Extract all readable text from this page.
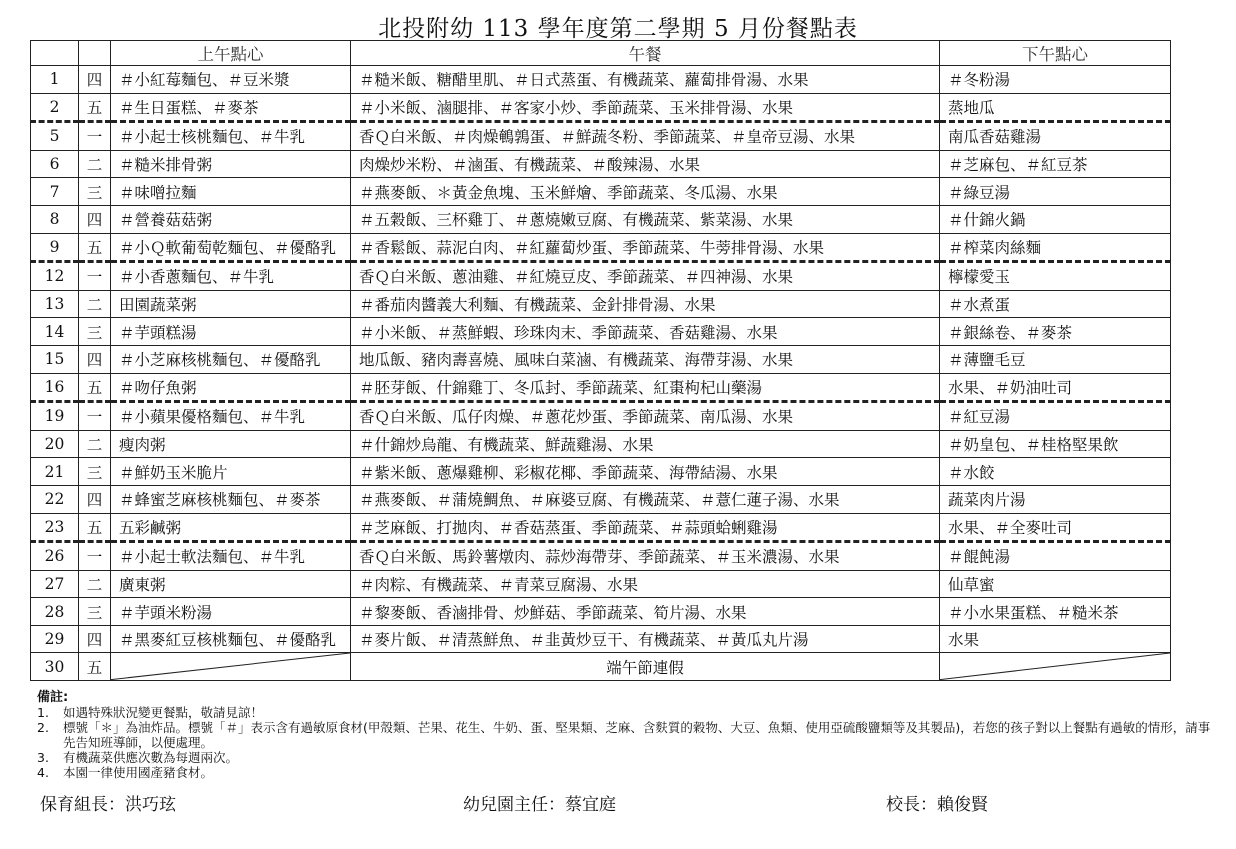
北投附幼 113 學年度第二學期 5 月份餐點表
		上午點心	午餐	下午點心
1	四	＃小紅莓麵包、＃豆米漿	＃糙米飯、糖醋里肌、＃日式蒸蛋、有機蔬菜、蘿蔔排骨湯、水果	＃冬粉湯
2	五	＃生日蛋糕、＃麥茶	＃小米飯、滷腿排、＃客家小炒、季節蔬菜、玉米排骨湯、水果	蒸地瓜
5	一	＃小起士核桃麵包、＃牛乳	香Ｑ白米飯、＃肉燥鵪鶉蛋、＃鮮蔬冬粉、季節蔬菜、＃皇帝豆湯、水果	南瓜香菇雞湯
6	二	＃糙米排骨粥	肉燥炒米粉、＃滷蛋、有機蔬菜、＃酸辣湯、水果	＃芝麻包、＃紅豆茶
7	三	＃味噌拉麵	＃燕麥飯、＊黃金魚塊、玉米鮮燴、季節蔬菜、冬瓜湯、水果	＃綠豆湯
8	四	＃營養菇菇粥	＃五穀飯、三杯雞丁、＃蔥燒嫩豆腐、有機蔬菜、紫菜湯、水果	＃什錦火鍋
9	五	＃小Ｑ軟葡萄乾麵包、＃優酪乳	＃香鬆飯、蒜泥白肉、＃紅蘿蔔炒蛋、季節蔬菜、牛蒡排骨湯、水果	＃榨菜肉絲麵
12	一	＃小香蔥麵包、＃牛乳	香Ｑ白米飯、蔥油雞、＃紅燒豆皮、季節蔬菜、＃四神湯、水果	檸檬愛玉
13	二	田園蔬菜粥	＃番茄肉醬義大利麵、有機蔬菜、金針排骨湯、水果	＃水煮蛋
14	三	＃芋頭糕湯	＃小米飯、＃蒸鮮蝦、珍珠肉末、季節蔬菜、香菇雞湯、水果	＃銀絲卷、＃麥茶
15	四	＃小芝麻核桃麵包、＃優酪乳	地瓜飯、豬肉壽喜燒、風味白菜滷、有機蔬菜、海帶芽湯、水果	＃薄鹽毛豆
16	五	＃吻仔魚粥	＃胚芽飯、什錦雞丁、冬瓜封、季節蔬菜、紅棗枸杞山藥湯	水果、＃奶油吐司
19	一	＃小蘋果優格麵包、＃牛乳	香Ｑ白米飯、瓜仔肉燥、＃蔥花炒蛋、季節蔬菜、南瓜湯、水果	＃紅豆湯
20	二	瘦肉粥	＃什錦炒烏龍、有機蔬菜、鮮蔬雞湯、水果	＃奶皇包、＃桂格堅果飲
21	三	＃鮮奶玉米脆片	＃紫米飯、蔥爆雞柳、彩椒花椰、季節蔬菜、海帶結湯、水果	＃水餃
22	四	＃蜂蜜芝麻核桃麵包、＃麥茶	＃燕麥飯、＃蒲燒鯛魚、＃麻婆豆腐、有機蔬菜、＃薏仁蓮子湯、水果	蔬菜肉片湯
23	五	五彩鹹粥	＃芝麻飯、打拋肉、＃香菇蒸蛋、季節蔬菜、＃蒜頭蛤蜊雞湯	水果、＃全麥吐司
26	一	＃小起士軟法麵包、＃牛乳	香Ｑ白米飯、馬鈴薯燉肉、蒜炒海帶芽、季節蔬菜、＃玉米濃湯、水果	＃餛飩湯
27	二	廣東粥	＃肉粽、有機蔬菜、＃青菜豆腐湯、水果	仙草蜜
28	三	＃芋頭米粉湯	＃黎麥飯、香滷排骨、炒鮮菇、季節蔬菜、筍片湯、水果	＃小水果蛋糕、＃糙米茶
29	四	＃黑麥紅豆核桃麵包、＃優酪乳	＃麥片飯、＃清蒸鮮魚、＃韭黃炒豆干、有機蔬菜、＃黃瓜丸片湯	水果
30	五		端午節連假	
備註:
1.	如遇特殊狀況變更餐點，敬請見諒！
2.	標號「＊」為油炸品。標號「＃」表示含有過敏原食材(甲殼類、芒果、花生、牛奶、蛋、堅果類、芝麻、含麩質的穀物、大豆、魚類、使用亞硫酸鹽類等及其製品)，若您的孩子對以上餐點有過敏的情形，請事先告知班導師，以便處理。
3.	有機蔬菜供應次數為每週兩次。
4.	本園一律使用國產豬食材。
保育組長：洪巧玹	幼兒園主任：蔡宜庭	校長：賴俊賢
